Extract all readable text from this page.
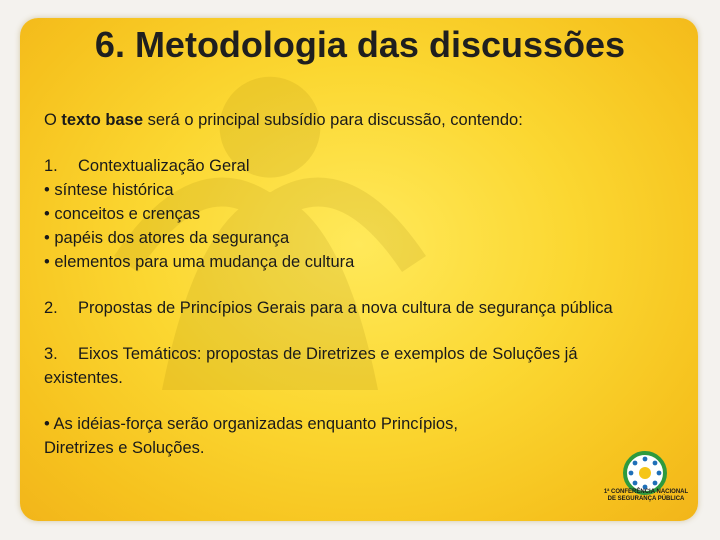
6. Metodologia das discussões
O texto base será o principal subsídio para discussão, contendo:
1. Contextualização Geral
• síntese histórica
• conceitos e crenças
• papéis dos atores da segurança
• elementos para uma mudança de cultura
2. Propostas de Princípios Gerais para a nova cultura de segurança pública
3. Eixos Temáticos: propostas de Diretrizes e exemplos de Soluções já existentes.
• As idéias-força serão organizadas enquanto Princípios, Diretrizes e Soluções.
1ª CONFERÊNCIA NACIONAL
DE SEGURANÇA PÚBLICA
